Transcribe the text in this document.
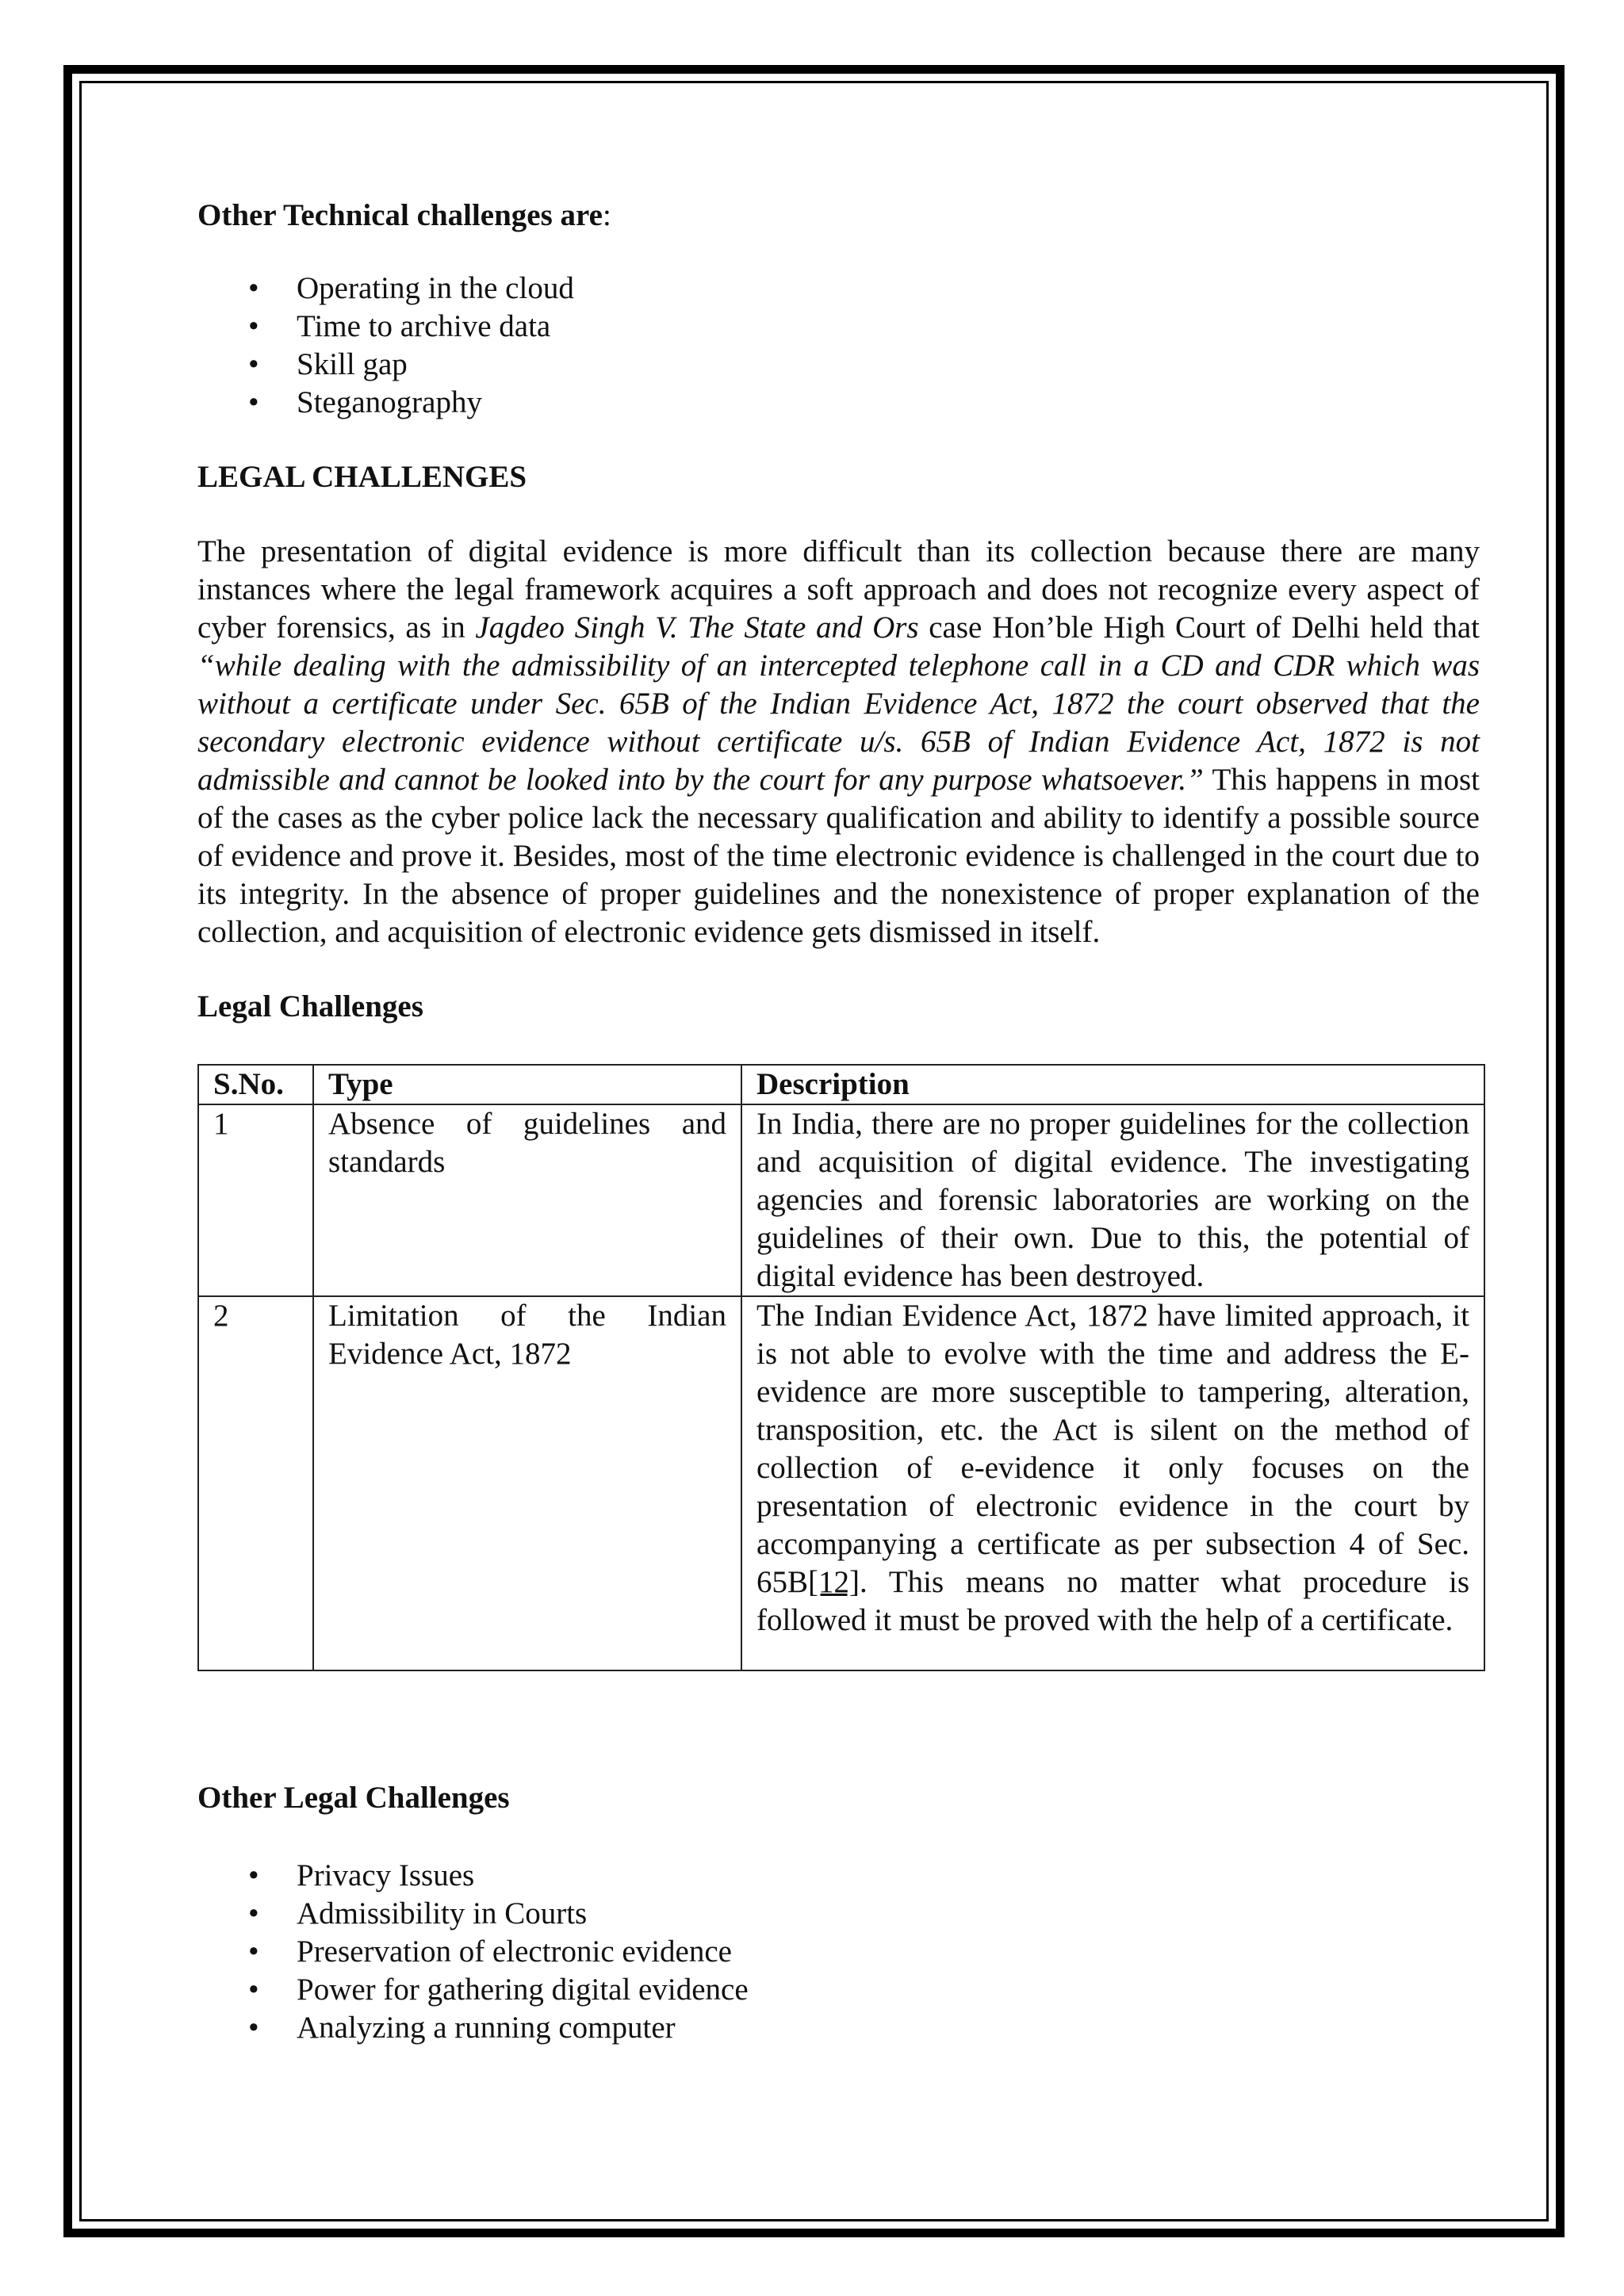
Other Technical challenges are:

• Operating in the cloud
• Time to archive data
• Skill gap
• Steganography

LEGAL CHALLENGES

The presentation of digital evidence is more difficult than its collection because there are many instances where the legal framework acquires a soft approach and does not recognize every aspect of cyber forensics, as in Jagdeo Singh V. The State and Ors case Hon’ble High Court of Delhi held that “while dealing with the admissibility of an intercepted telephone call in a CD and CDR which was without a certificate under Sec. 65B of the Indian Evidence Act, 1872 the court observed that the secondary electronic evidence without certificate u/s. 65B of Indian Evidence Act, 1872 is not admissible and cannot be looked into by the court for any purpose whatsoever.” This happens in most of the cases as the cyber police lack the necessary qualification and ability to identify a possible source of evidence and prove it. Besides, most of the time electronic evidence is challenged in the court due to its integrity. In the absence of proper guidelines and the nonexistence of proper explanation of the collection, and acquisition of electronic evidence gets dismissed in itself.

Legal Challenges

S.No.	Type	Description
1	Absence of guidelines and standards	In India, there are no proper guidelines for the collection and acquisition of digital evidence. The investigating agencies and forensic laboratories are working on the guidelines of their own. Due to this, the potential of digital evidence has been destroyed.
2	Limitation of the Indian Evidence Act, 1872	The Indian Evidence Act, 1872 have limited approach, it is not able to evolve with the time and address the E-evidence are more susceptible to tampering, alteration, transposition, etc. the Act is silent on the method of collection of e-evidence it only focuses on the presentation of electronic evidence in the court by accompanying a certificate as per subsection 4 of Sec. 65B[12]. This means no matter what procedure is followed it must be proved with the help of a certificate.

Other Legal Challenges

• Privacy Issues
• Admissibility in Courts
• Preservation of electronic evidence
• Power for gathering digital evidence
• Analyzing a running computer
